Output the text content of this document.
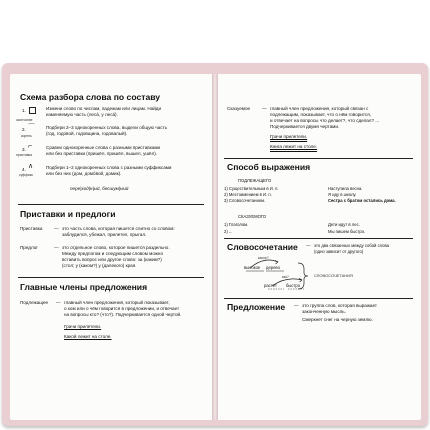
Схема разбора слова по составу
1.
окончание
Измени слово по числам, падежам или лицам. Найди
изменяемую часть (лесá, у лесá).
2. ⌒
корень
Подбери 2–3 однокоренных слова, выдели общую часть
(год, годовой, годовщина, годовалый).
3. ⌐
приставка
Сравни однокоренные слова с разными приставками
или без приставки (пришёл, пришёл, вышел, ушёл).
4. ∧
суффикс
Подбери 1–2 однокоренных слова с разными суффиксами
или без них (дом, домóвой, домик).
пере|ход|н|ый, бесшум|ный
Приставки и предлоги
Приставка	— это часть слова, которая пишется слитно со словом:
заблудился, убежал, прилетел, прыгал.
Предлог	— это отдельное слово, которое пишется раздельно.
Между предлогом и следующим словом можно
вставить вопрос или другое слово: за (каким?)
(стол; у (каком?) у (далекого) края.
Главные члены предложения
Подлежащее — главный член предложения, который показывает,
о ком или о чём говорится в предложении, и отвечает
на вопросы кто? (что?). Подчеркивается одной чертой.
Грачи прилетели.
Какой лежит на столе.
Сказуемое	— главный член предложения, который связан с
подлежащим, показывает, что о нём говорится,
и отвечает на вопросы что делает?, что сделал? ...
Подчеркивается двумя чертами.
Грачи прилетели.
Книга лежит на столе.
Способ выражения
ПОДЛЕЖАЩЕГО
1) Существительным в И. п.	Наступила весна.
2) Местоимением в И. п.	Я иду в школу.
3) Словосочетанием.	Сестра с братом остались дома.
СКАЗУЕМОГО
1) Глаголом.	Дети идут в лес.
2) ...	Мы пишем быстро.
Словосочетание — это два связанных между собой слова
(одно зависит от другого)
какое?
высокое дерево
как?
растёт быстро
СЛОВОСОЧЕТАНИЯ
Предложение — это группа слов, которая выражает
законченную мысль.
Смеркнет снег на черную землю.
